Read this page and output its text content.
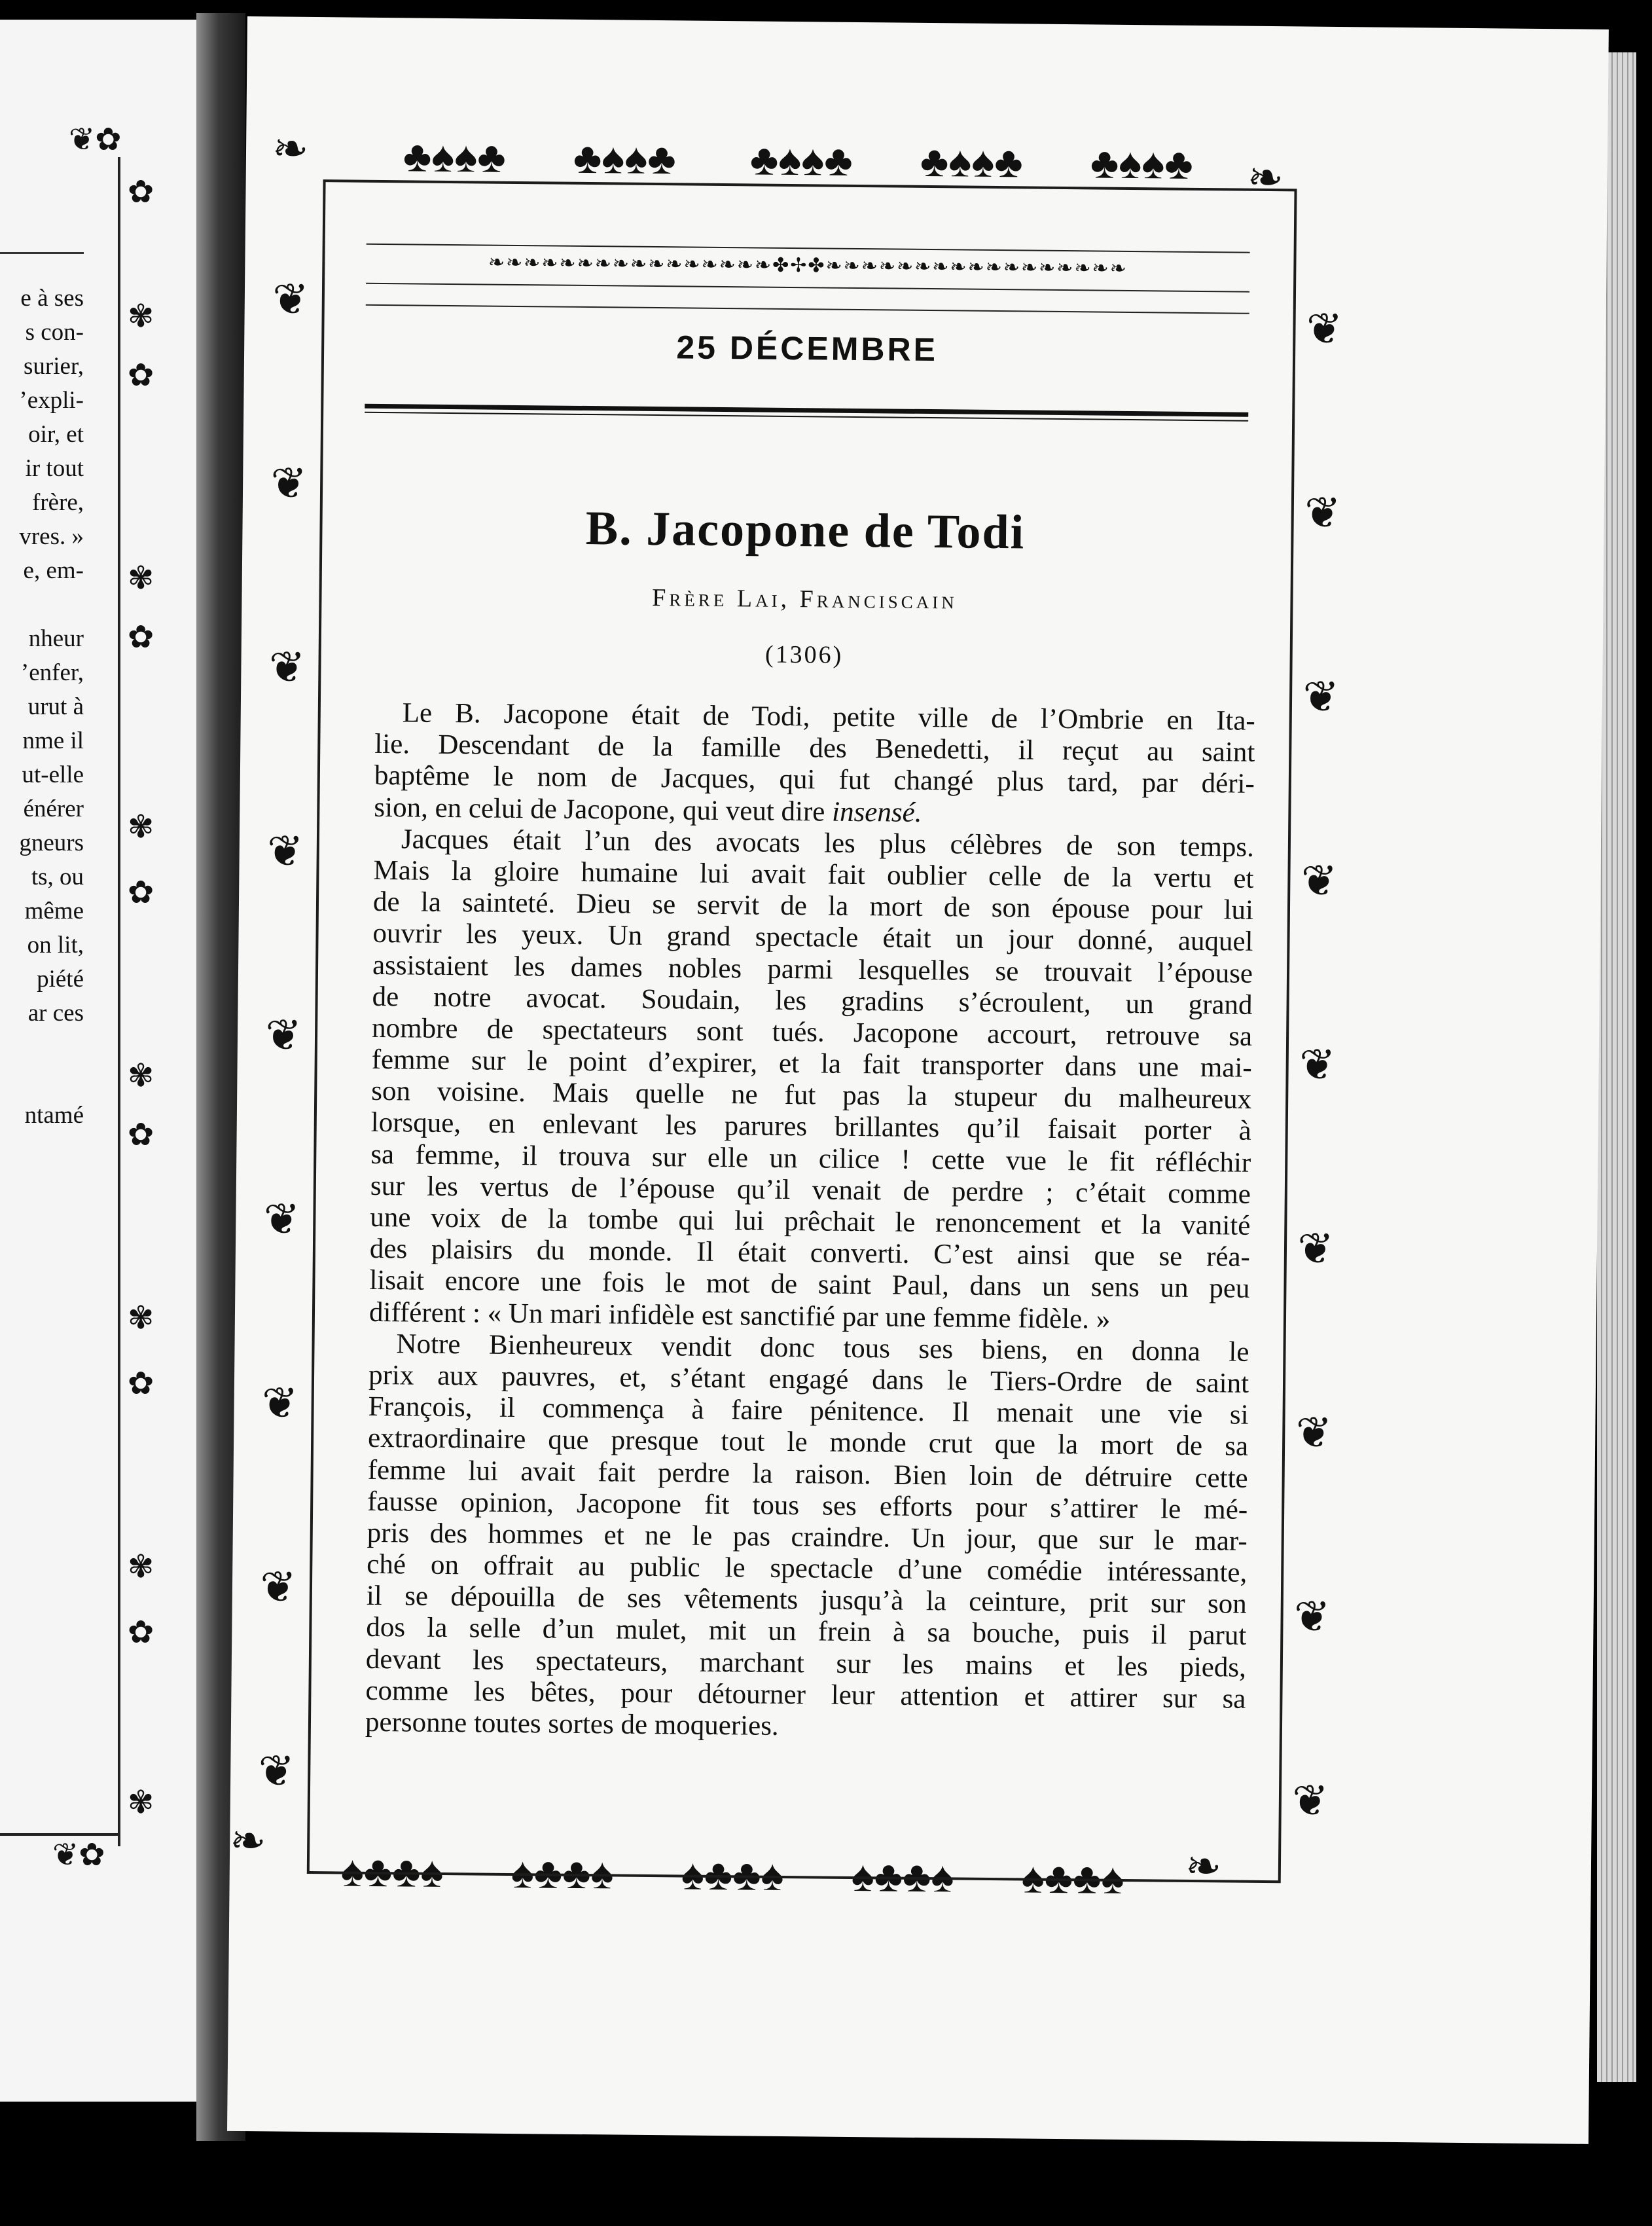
e à ses
s con-
surier,
’expli-
oir, et
ir tout
frère,
vres. »
e, em-
nheur
’enfer,
urut à
nme il
ut-elle
énérer
gneurs
ts, ou
même
on lit,
piété
ar ces
ntamé
❦✿
✿
✾
✿
✾
✿
✾
✿
✾
✿
✾
✿
✾
✿
✾
❦✿
❧ ♣♠♠♣ ♣♠♠♣ ♣♠♠♣ ♣♠♠♣ ♣♠♠♣ ❧
❦
❦
❦
❦
❦
❦
❦
❦
❦
❦
❦
❦
❦
❦
❦
❦
❦
❦
❧
♠♣♣♠ ♠♣♣♠ ♠♣♣♠ ♠♣♣♠ ♠♣♣♠ ❧
❧❧❧❧❧❧❧❧❧❧❧❧❧❧❧❧✤✢✤❧❧❧❧❧❧❧❧❧❧❧❧❧❧❧❧❧
25 DÉCEMBRE
B. Jacopone de Todi
Frère Lai, Franciscain
(1306)
Le B. Jacopone était de Todi, petite ville de l’Ombrie en Ita-
lie. Descendant de la famille des Benedetti, il reçut au saint
baptême le nom de Jacques, qui fut changé plus tard, par déri-
sion, en celui de Jacopone, qui veut dire insensé.
Jacques était l’un des avocats les plus célèbres de son temps.
Mais la gloire humaine lui avait fait oublier celle de la vertu et
de la sainteté. Dieu se servit de la mort de son épouse pour lui
ouvrir les yeux. Un grand spectacle était un jour donné, auquel
assistaient les dames nobles parmi lesquelles se trouvait l’épouse
de notre avocat. Soudain, les gradins s’écroulent, un grand
nombre de spectateurs sont tués. Jacopone accourt, retrouve sa
femme sur le point d’expirer, et la fait transporter dans une mai-
son voisine. Mais quelle ne fut pas la stupeur du malheureux
lorsque, en enlevant les parures brillantes qu’il faisait porter à
sa femme, il trouva sur elle un cilice ! cette vue le fit réfléchir
sur les vertus de l’épouse qu’il venait de perdre ; c’était comme
une voix de la tombe qui lui prêchait le renoncement et la vanité
des plaisirs du monde. Il était converti. C’est ainsi que se réa-
lisait encore une fois le mot de saint Paul, dans un sens un peu
différent : « Un mari infidèle est sanctifié par une femme fidèle. »
Notre Bienheureux vendit donc tous ses biens, en donna le
prix aux pauvres, et, s’étant engagé dans le Tiers-Ordre de saint
François, il commença à faire pénitence. Il menait une vie si
extraordinaire que presque tout le monde crut que la mort de sa
femme lui avait fait perdre la raison. Bien loin de détruire cette
fausse opinion, Jacopone fit tous ses efforts pour s’attirer le mé-
pris des hommes et ne le pas craindre. Un jour, que sur le mar-
ché on offrait au public le spectacle d’une comédie intéressante,
il se dépouilla de ses vêtements jusqu’à la ceinture, prit sur son
dos la selle d’un mulet, mit un frein à sa bouche, puis il parut
devant les spectateurs, marchant sur les mains et les pieds,
comme les bêtes, pour détourner leur attention et attirer sur sa
personne toutes sortes de moqueries.
